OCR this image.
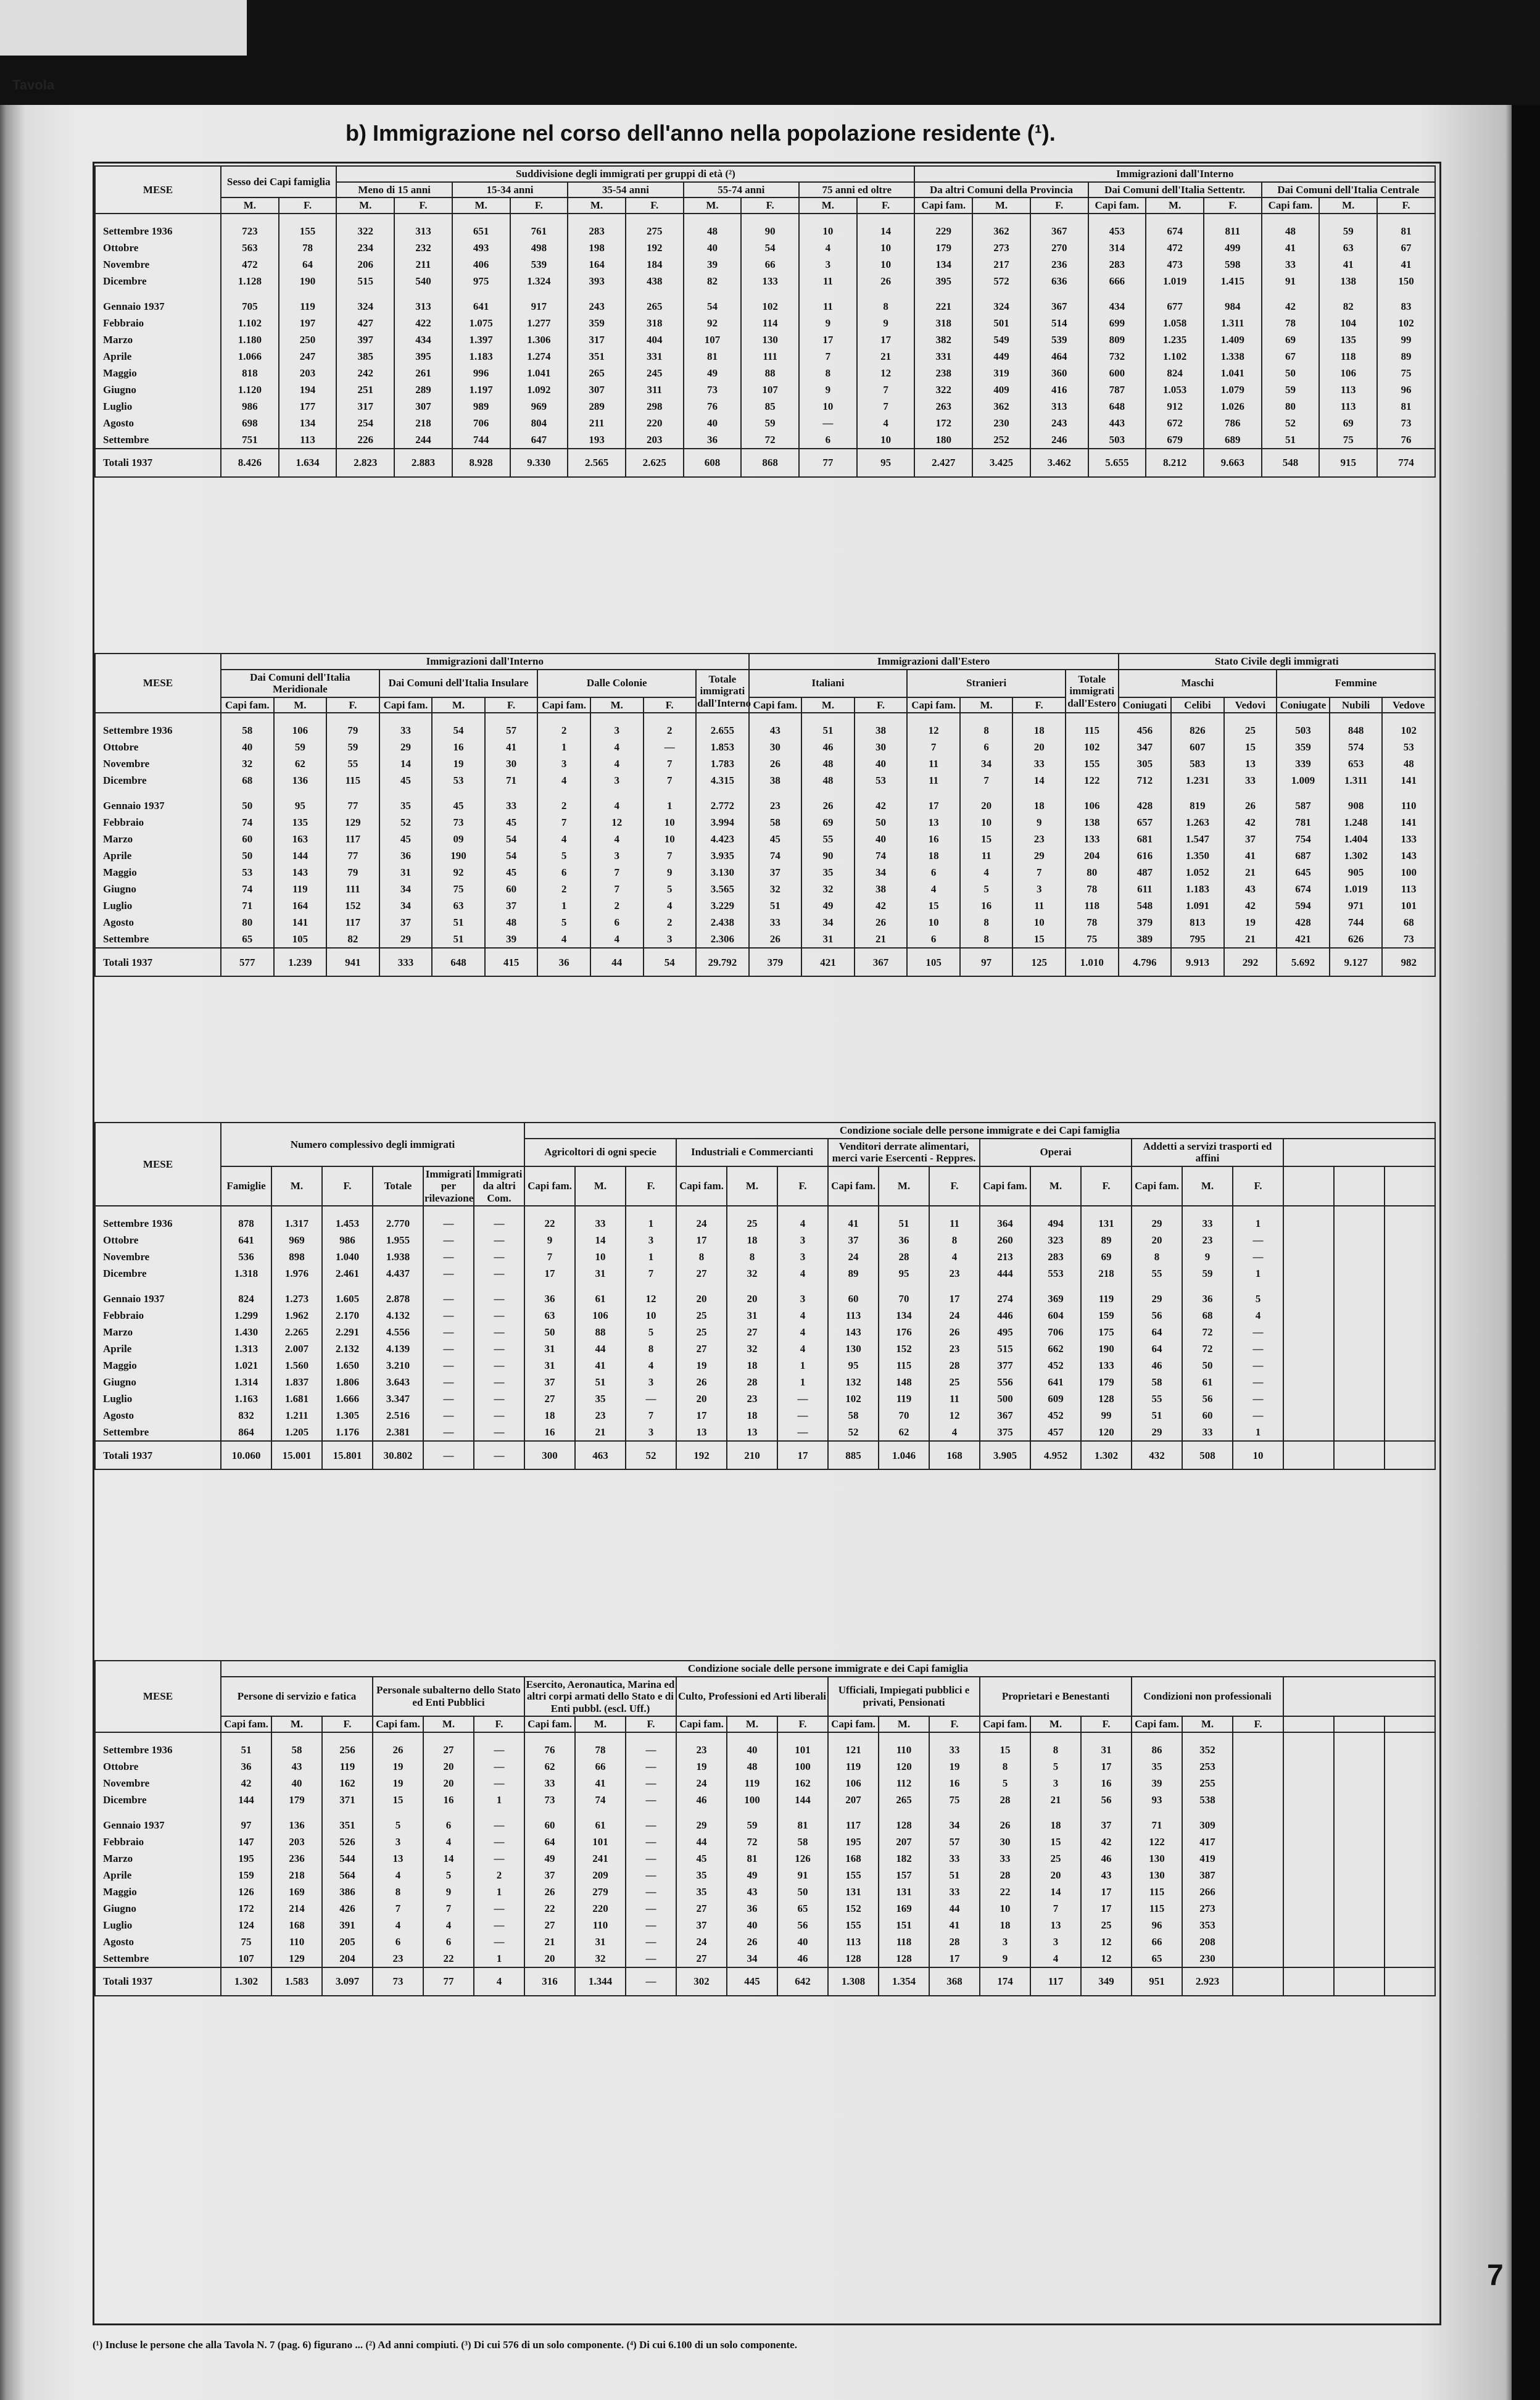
Tavola
b) Immigrazione nel corso dell'anno nella popolazione residente (¹).
MESE	Sesso dei Capi famiglia		Suddivisione degli immigrati per gruppi di età (²)										Immigrazioni dall'Interno								
			Meno di 15 anni		15-34 anni		35-54 anni		55-74 anni		75 anni ed oltre		Da altri Comuni della Provincia			Dai Comuni dell'Italia Settentr.			Dai Comuni dell'Italia Centrale		
	M.	F.	M.	F.	M.	F.	M.	F.	M.	F.	M.	F.	Capi fam.	M.	F.	Capi fam.	M.	F.	Capi fam.	M.	F.

Settembre 1936	723	155	322	313	651	761	283	275	48	90	10	14	229	362	367	453	674	811	48	59	81
Ottobre	563	78	234	232	493	498	198	192	40	54	4	10	179	273	270	314	472	499	41	63	67
Novembre	472	64	206	211	406	539	164	184	39	66	3	10	134	217	236	283	473	598	33	41	41
Dicembre	1.128	190	515	540	975	1.324	393	438	82	133	11	26	395	572	636	666	1.019	1.415	91	138	150

Gennaio 1937	705	119	324	313	641	917	243	265	54	102	11	8	221	324	367	434	677	984	42	82	83
Febbraio	1.102	197	427	422	1.075	1.277	359	318	92	114	9	9	318	501	514	699	1.058	1.311	78	104	102
Marzo	1.180	250	397	434	1.397	1.306	317	404	107	130	17	17	382	549	539	809	1.235	1.409	69	135	99
Aprile	1.066	247	385	395	1.183	1.274	351	331	81	111	7	21	331	449	464	732	1.102	1.338	67	118	89
Maggio	818	203	242	261	996	1.041	265	245	49	88	8	12	238	319	360	600	824	1.041	50	106	75
Giugno	1.120	194	251	289	1.197	1.092	307	311	73	107	9	7	322	409	416	787	1.053	1.079	59	113	96
Luglio	986	177	317	307	989	969	289	298	76	85	10	7	263	362	313	648	912	1.026	80	113	81
Agosto	698	134	254	218	706	804	211	220	40	59	—	4	172	230	243	443	672	786	52	69	73
Settembre	751	113	226	244	744	647	193	203	36	72	6	10	180	252	246	503	679	689	51	75	76
Totali 1937	8.426	1.634	2.823	2.883	8.928	9.330	2.565	2.625	608	868	77	95	2.427	3.425	3.462	5.655	8.212	9.663	548	915	774
MESE	Immigrazioni dall'Interno										Immigrazioni dall'Estero							Stato Civile degli immigrati					
	Dai Comuni dell'Italia Meridionale			Dai Comuni dell'Italia Insulare			Dalle Colonie			Totale immigrati dall'Interno	Italiani			Stranieri			Totale immigrati dall'Estero	Maschi			Femmine		
	Capi fam.	M.	F.	Capi fam.	M.	F.	Capi fam.	M.	F.		Capi fam.	M.	F.	Capi fam.	M.	F.		Coniugati	Celibi	Vedovi	Coniugate	Nubili	Vedove

Settembre 1936	58	106	79	33	54	57	2	3	2	2.655	43	51	38	12	8	18	115	456	826	25	503	848	102
Ottobre	40	59	59	29	16	41	1	4	—	1.853	30	46	30	7	6	20	102	347	607	15	359	574	53
Novembre	32	62	55	14	19	30	3	4	7	1.783	26	48	40	11	34	33	155	305	583	13	339	653	48
Dicembre	68	136	115	45	53	71	4	3	7	4.315	38	48	53	11	7	14	122	712	1.231	33	1.009	1.311	141

Gennaio 1937	50	95	77	35	45	33	2	4	1	2.772	23	26	42	17	20	18	106	428	819	26	587	908	110
Febbraio	74	135	129	52	73	45	7	12	10	3.994	58	69	50	13	10	9	138	657	1.263	42	781	1.248	141
Marzo	60	163	117	45	09	54	4	4	10	4.423	45	55	40	16	15	23	133	681	1.547	37	754	1.404	133
Aprile	50	144	77	36	190	54	5	3	7	3.935	74	90	74	18	11	29	204	616	1.350	41	687	1.302	143
Maggio	53	143	79	31	92	45	6	7	9	3.130	37	35	34	6	4	7	80	487	1.052	21	645	905	100
Giugno	74	119	111	34	75	60	2	7	5	3.565	32	32	38	4	5	3	78	611	1.183	43	674	1.019	113
Luglio	71	164	152	34	63	37	1	2	4	3.229	51	49	42	15	16	11	118	548	1.091	42	594	971	101
Agosto	80	141	117	37	51	48	5	6	2	2.438	33	34	26	10	8	10	78	379	813	19	428	744	68
Settembre	65	105	82	29	51	39	4	4	3	2.306	26	31	21	6	8	15	75	389	795	21	421	626	73
Totali 1937	577	1.239	941	333	648	415	36	44	54	29.792	379	421	367	105	97	125	1.010	4.796	9.913	292	5.692	9.127	982
MESE	Numero complessivo degli immigrati						Condizione sociale delle persone immigrate e dei Capi famiglia																	
							Agricoltori di ogni specie			Industriali e Commercianti			Venditori derrate alimentari, merci varie Esercenti - Reppres.			Operai			Addetti a servizi trasporti ed affini					
	Famiglie	M.	F.	Totale	Immigrati per rilevazione	Immigrati da altri Com.	Capi fam.	M.	F.	Capi fam.	M.	F.	Capi fam.	M.	F.	Capi fam.	M.	F.	Capi fam.	M.	F.			

Settembre 1936	878	1.317	1.453	2.770	—	—	22	33	1	24	25	4	41	51	11	364	494	131	29	33	1			
Ottobre	641	969	986	1.955	—	—	9	14	3	17	18	3	37	36	8	260	323	89	20	23	—			
Novembre	536	898	1.040	1.938	—	—	7	10	1	8	8	3	24	28	4	213	283	69	8	9	—			
Dicembre	1.318	1.976	2.461	4.437	—	—	17	31	7	27	32	4	89	95	23	444	553	218	55	59	1			

Gennaio 1937	824	1.273	1.605	2.878	—	—	36	61	12	20	20	3	60	70	17	274	369	119	29	36	5			
Febbraio	1.299	1.962	2.170	4.132	—	—	63	106	10	25	31	4	113	134	24	446	604	159	56	68	4			
Marzo	1.430	2.265	2.291	4.556	—	—	50	88	5	25	27	4	143	176	26	495	706	175	64	72	—			
Aprile	1.313	2.007	2.132	4.139	—	—	31	44	8	27	32	4	130	152	23	515	662	190	64	72	—			
Maggio	1.021	1.560	1.650	3.210	—	—	31	41	4	19	18	1	95	115	28	377	452	133	46	50	—			
Giugno	1.314	1.837	1.806	3.643	—	—	37	51	3	26	28	1	132	148	25	556	641	179	58	61	—			
Luglio	1.163	1.681	1.666	3.347	—	—	27	35	—	20	23	—	102	119	11	500	609	128	55	56	—			
Agosto	832	1.211	1.305	2.516	—	—	18	23	7	17	18	—	58	70	12	367	452	99	51	60	—			
Settembre	864	1.205	1.176	2.381	—	—	16	21	3	13	13	—	52	62	4	375	457	120	29	33	1			
Totali 1937	10.060	15.001	15.801	30.802	—	—	300	463	52	192	210	17	885	1.046	168	3.905	4.952	1.302	432	508	10			
MESE	Condizione sociale delle persone immigrate e dei Capi famiglia																							
	Persone di servizio e fatica			Personale subalterno dello Stato ed Enti Pubblici			Esercito, Aeronautica, Marina ed altri corpi armati dello Stato e di Enti pubbl. (escl. Uff.)			Culto, Professioni ed Arti liberali			Ufficiali, Impiegati pubblici e privati, Pensionati			Proprietari e Benestanti			Condizioni non professionali					
	Capi fam.	M.	F.	Capi fam.	M.	F.	Capi fam.	M.	F.	Capi fam.	M.	F.	Capi fam.	M.	F.	Capi fam.	M.	F.	Capi fam.	M.	F.			

Settembre 1936	51	58	256	26	27	—	76	78	—	23	40	101	121	110	33	15	8	31	86	352				
Ottobre	36	43	119	19	20	—	62	66	—	19	48	100	119	120	19	8	5	17	35	253				
Novembre	42	40	162	19	20	—	33	41	—	24	119	162	106	112	16	5	3	16	39	255				
Dicembre	144	179	371	15	16	1	73	74	—	46	100	144	207	265	75	28	21	56	93	538				

Gennaio 1937	97	136	351	5	6	—	60	61	—	29	59	81	117	128	34	26	18	37	71	309				
Febbraio	147	203	526	3	4	—	64	101	—	44	72	58	195	207	57	30	15	42	122	417				
Marzo	195	236	544	13	14	—	49	241	—	45	81	126	168	182	33	33	25	46	130	419				
Aprile	159	218	564	4	5	2	37	209	—	35	49	91	155	157	51	28	20	43	130	387				
Maggio	126	169	386	8	9	1	26	279	—	35	43	50	131	131	33	22	14	17	115	266				
Giugno	172	214	426	7	7	—	22	220	—	27	36	65	152	169	44	10	7	17	115	273				
Luglio	124	168	391	4	4	—	27	110	—	37	40	56	155	151	41	18	13	25	96	353				
Agosto	75	110	205	6	6	—	21	31	—	24	26	40	113	118	28	3	3	12	66	208				
Settembre	107	129	204	23	22	1	20	32	—	27	34	46	128	128	17	9	4	12	65	230				
Totali 1937	1.302	1.583	3.097	73	77	4	316	1.344	—	302	445	642	1.308	1.354	368	174	117	349	951	2.923				
(¹) Incluse le persone che alla Tavola N. 7 (pag. 6) figurano ... (²) Ad anni compiuti. (³) Di cui 576 di un solo componente. (⁴) Di cui 6.100 di un solo componente.
7
